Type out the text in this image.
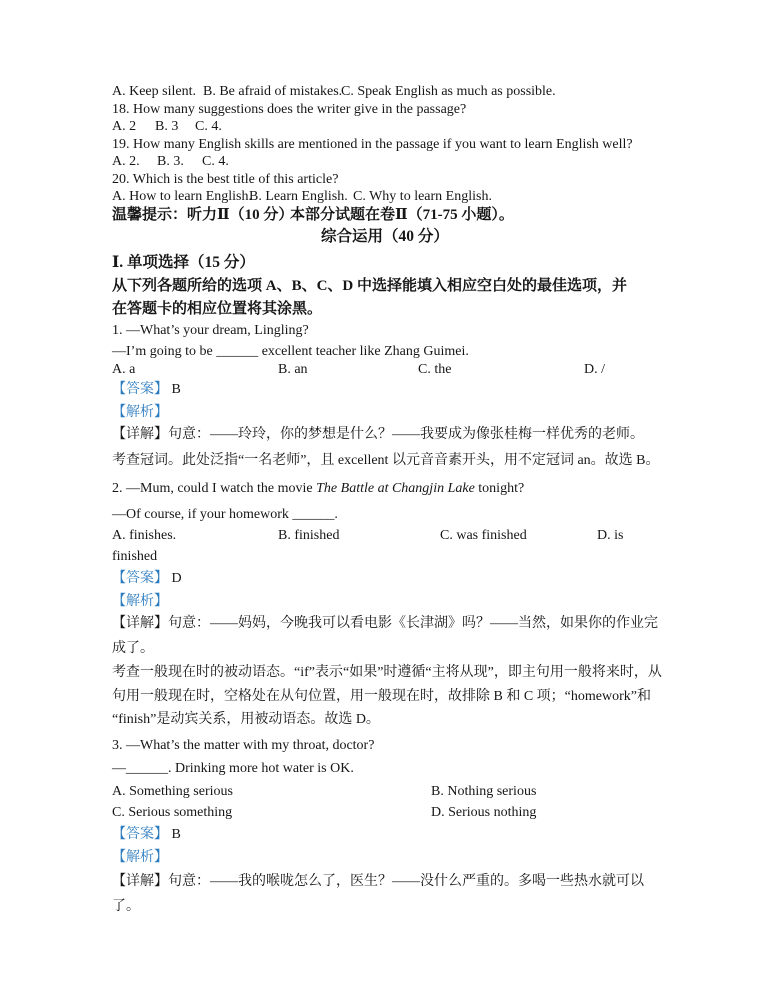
A. Keep silent. B. Be afraid of mistakes.
C. Speak English as much as possible.
18. How many suggestions does the writer give in the passage?
A. 2 B. 3 C. 4.
19. How many English skills are mentioned in the passage if you want to learn English well?
A. 2. B. 3. C. 4.
20. Which is the best title of this article?
A. How to learn English.
B. Learn English. C. Why to learn English.
温馨提示：听力Ⅱ（10 分）
本部分试题在卷Ⅱ（71-75 小题）。
综合运用（40 分）
Ⅰ. 单项选择（15 分）
从下列各题所给的选项 A、B、C、D 中选择能填入相应空白处的最佳选项，并
在答题卡的相应位置将其涂黑。
1. —What’s your dream, Lingling?
—I’m going to be ______ excellent teacher like Zhang Guimei.
A. a	B. an	C. the	D. /
【答案】 B
【解析】
【详解】句意：——玲玲，你的梦想是什么？——我要成为像张桂梅一样优秀的老师。
考查冠词。此处泛指“一名老师”，且 excellent 以元音音素开头，用不定冠词 an。故选 B。
2. —Mum, could I watch the movie The Battle at Changjin Lake tonight?
—Of course, if your homework ______.
A. finishes.	B. finished	C. was finished	D. is
finished
【答案】 D
【解析】
【详解】句意：——妈妈，今晚我可以看电影《长津湖》吗？——当然，如果你的作业完
成了。
考查一般现在时的被动语态。“if”表示“如果”时遵循“主将从现”，即主句用一般将来时，从
句用一般现在时，空格处在从句位置，用一般现在时，故排除 B 和 C 项；“homework”和
“finish”是动宾关系，用被动语态。故选 D。
3. —What’s the matter with my throat, doctor?
—______. Drinking more hot water is OK.
A. Something serious	B. Nothing serious
C. Serious something	D. Serious nothing
【答案】 B
【解析】
【详解】句意：——我的喉咙怎么了，医生？——没什么严重的。多喝一些热水就可以
了。
